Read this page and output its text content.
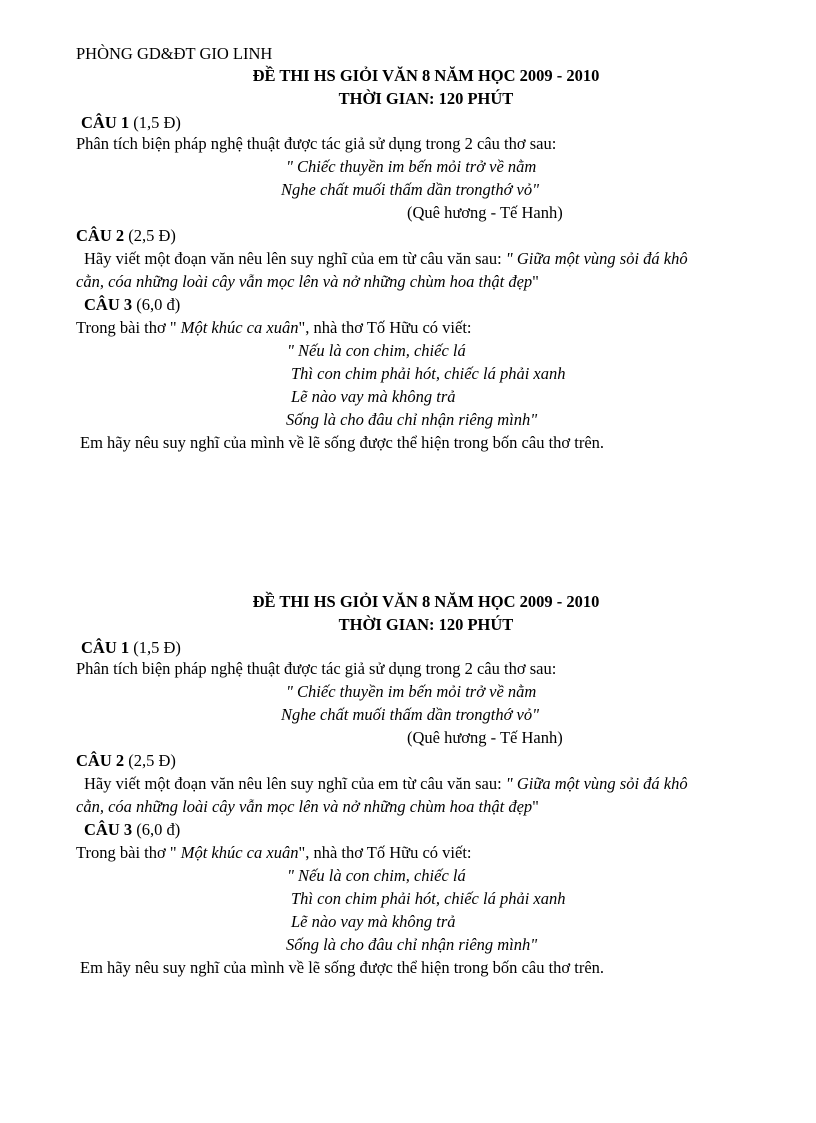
PHÒNG GD&ĐT GIO LINH
ĐỀ THI HS GIỎI VĂN 8 NĂM HỌC 2009 - 2010
THỜI GIAN: 120 PHÚT
CÂU 1 (1,5 Đ)
Phân tích biện pháp nghệ thuật được tác giả sử dụng trong 2 câu thơ sau:
" Chiếc thuyền im bến mỏi trở về nằm
Nghe chất muối thấm dần trongthớ vỏ"
(Quê hương - Tế Hanh)
CÂU 2 (2,5 Đ)
Hãy viết một đoạn văn nêu lên suy nghĩ của em từ câu văn sau: " Giữa một vùng sỏi đá khô
cằn, cóa những loài cây vẫn mọc lên và nở những chùm hoa thật đẹp"
CÂU 3 (6,0 đ)
Trong bài thơ " Một khúc ca xuân", nhà thơ Tố Hữu có viết:
" Nếu là con chim, chiếc lá
Thì con chim phải hót, chiếc lá phải xanh
Lẽ nào vay mà không trả
Sống là cho đâu chỉ nhận riêng mình"
Em hãy nêu suy nghĩ của mình về lẽ sống được thể hiện trong bốn câu thơ trên.
ĐỀ THI HS GIỎI VĂN 8 NĂM HỌC 2009 - 2010
THỜI GIAN: 120 PHÚT
CÂU 1 (1,5 Đ)
Phân tích biện pháp nghệ thuật được tác giả sử dụng trong 2 câu thơ sau:
" Chiếc thuyền im bến mỏi trở về nằm
Nghe chất muối thấm dần trongthớ vỏ"
(Quê hương - Tế Hanh)
CÂU 2 (2,5 Đ)
Hãy viết một đoạn văn nêu lên suy nghĩ của em từ câu văn sau: " Giữa một vùng sỏi đá khô
cằn, cóa những loài cây vẫn mọc lên và nở những chùm hoa thật đẹp"
CÂU 3 (6,0 đ)
Trong bài thơ " Một khúc ca xuân", nhà thơ Tố Hữu có viết:
" Nếu là con chim, chiếc lá
Thì con chim phải hót, chiếc lá phải xanh
Lẽ nào vay mà không trả
Sống là cho đâu chỉ nhận riêng mình"
Em hãy nêu suy nghĩ của mình về lẽ sống được thể hiện trong bốn câu thơ trên.
